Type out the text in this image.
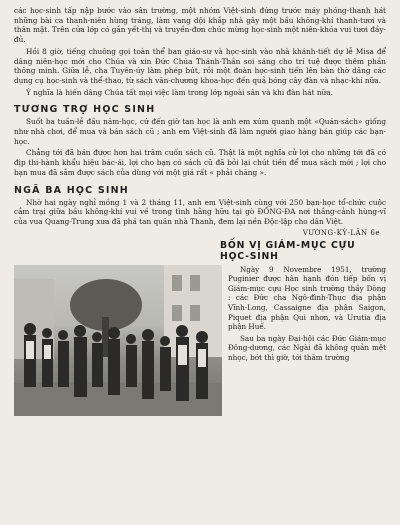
các học-sinh tấp nập bước vào sân trường, một nhóm Việt-sinh đứng trước máy phóng-thanh hát những bài ca thanh-niên hùng tráng, làm vang dội khắp nhà gây một bầu không-khí thanh-tươi và thân mật. Trên cửa lớp có gắn yết-thị và truyền-đơn chúc mừng học-sinh một niên-khóa vui tươi đầy-đủ.

Hồi 8 giờ, tiếng chuông gọi toàn thể ban giáo-sư và học-sinh vào nhà khánh-tiết dự lễ Misa để dâng niên-học mới cho Chúa và xin Đức Chúa Thánh-Thần soi sáng cho trí tuệ được thêm phần thông minh. Giữa lễ, cha Tuyên-úy làm phép bút, rồi một đoàn học-sinh tiến lên bàn thờ dâng các dụng cụ học-sinh và thể-thao, từ sách văn-chương khoa-học đến quả bóng cây đàn và nhạc-khí nữa.

Ý nghĩa là hiến dâng Chúa tất mọi việc làm trong lớp ngoài sân và khi đàn hát nữa.

TƯƠNG TRỢ HỌC SINH

Suốt ba tuần-lễ đầu năm-học, cứ đến giờ tan học là anh em xúm quanh một «Quán-sách» giống như nhà chơi, để mua và bán sách cũ ; anh em Việt-sinh đã làm người giao hàng bán giúp các bạn-học.

Chẳng tới đã bán được hơn hai trăm cuốn sách cũ. Thật là một nghĩa cử lợi cho những tới đã có địp thi-hành khẩu hiệu bác-ái, lợi cho bạn có sách cũ đã bỏi lại chút tiền để mua sách mới ; lợi cho bạn mua đã sắm được sách của dùng với một giá rất « phải chăng ».

NGÃ BA HỌC SINH

Nhờ hai ngày nghỉ mồng 1 và 2 tháng 11, anh em Việt-sinh cùng với 250 bạn-học tổ-chức cuộc cắm trại giữa bầu không-khí vui về trong tình hằng hữu tại gò ĐỐNG-ĐA nơi thắng-cảnh hùng-vĩ của vua Quang-Trung xưa đã phá tan quân nhà Thanh, đem lại nền Độc-lập cho dân Việt.

VƯƠNG-KỲ-LÂN 6e
BỐN VỊ GIÁM-MỤC CỰU HỌC-SINH

Ngày 9 Novembre 1951, trường Puginier được hân hạnh đón tiếp bốn vị Giám-mục cựu Học sinh trường thầy Dòng : các Đức cha Ngô-đình-Thục địa phận Vĩnh-Long, Cassaigne địa phận Saigon, Piquet địa phận Qui nhơn, và Urutia địa phận Huế.

Sau ba ngày Đại-hội các Đức Giám-mục Đông-dương, các Ngài đã không quản mệt nhọc, bớt thì giờ, tới thăm trường
